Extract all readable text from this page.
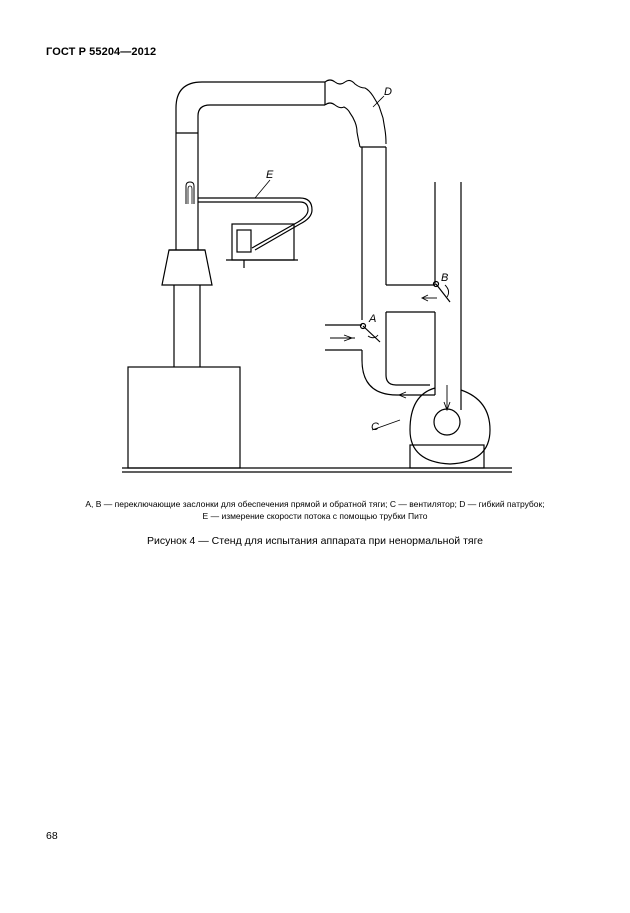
ГОСТ Р 55204—2012
D
E
B
A
C
A, B — переключающие заслонки для обеспечения прямой и обратной тяги; C — вентилятор; D — гибкий патрубок;
E — измерение скорости потока с помощью трубки Пито
Рисунок 4 — Стенд для испытания аппарата при ненормальной тяге
68
